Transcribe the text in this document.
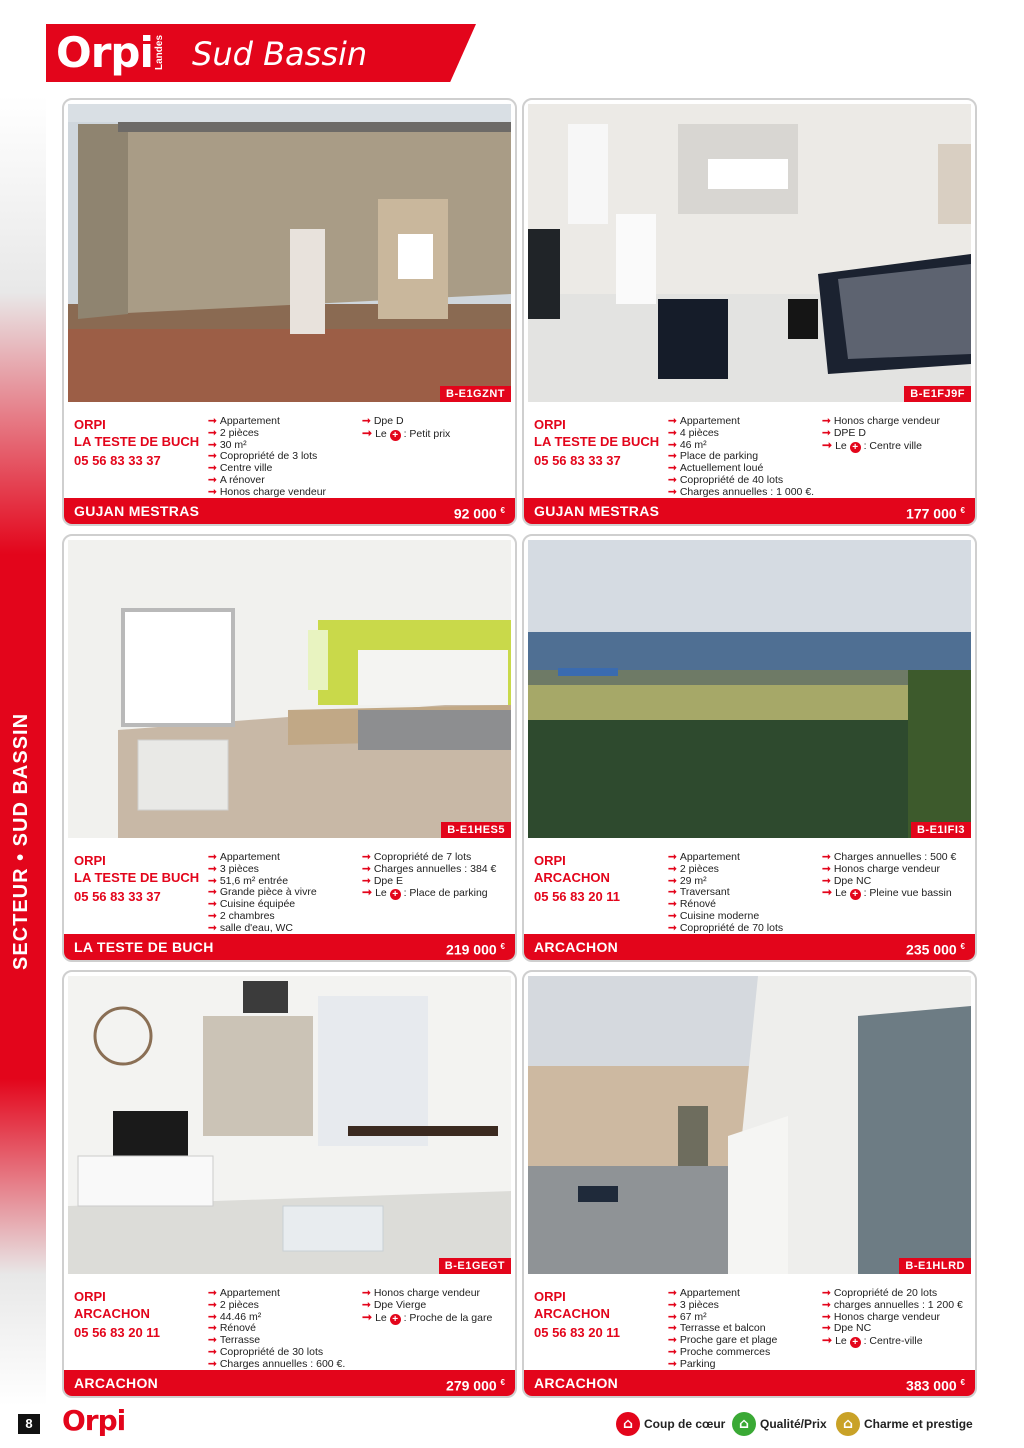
Orpi Landes Sud Bassin
SECTEUR • SUD BASSIN
B-E1GZNT
ORPI
LA TESTE DE BUCH
05 56 83 33 37
➞ Appartement
➞ 2 pièces
➞ 30 m²
➞ Copropriété de 3 lots
➞ Centre ville
➞ A rénover
➞ Honos charge vendeur
➞ Dpe D
➞ Le + : Petit prix
GUJAN MESTRAS	92 000 €
B-E1FJ9F
ORPI
LA TESTE DE BUCH
05 56 83 33 37
➞ Appartement
➞ 4 pièces
➞ 46 m²
➞ Place de parking
➞ Actuellement loué
➞ Copropriété de 40 lots
➞ Charges annuelles : 1 000 €.
➞ Honos charge vendeur
➞ DPE D
➞ Le + : Centre ville
GUJAN MESTRAS	177 000 €
B-E1HES5
ORPI
LA TESTE DE BUCH
05 56 83 33 37
➞ Appartement
➞ 3 pièces
➞ 51,6 m² entrée
➞ Grande pièce à vivre
➞ Cuisine équipée
➞ 2 chambres
➞ salle d'eau, WC
➞ Copropriété de 7 lots
➞ Charges annuelles : 384 €
➞ Dpe E
➞ Le + : Place de parking
LA TESTE DE BUCH	219 000 €
B-E1IFI3
ORPI
ARCACHON
05 56 83 20 11
➞ Appartement
➞ 2 pièces
➞ 29 m²
➞ Traversant
➞ Rénové
➞ Cuisine moderne
➞ Copropriété de 70 lots
➞ Charges annuelles : 500 €
➞ Honos charge vendeur
➞ Dpe NC
➞ Le + : Pleine vue bassin
ARCACHON	235 000 €
B-E1GEGT
ORPI
ARCACHON
05 56 83 20 11
➞ Appartement
➞ 2 pièces
➞ 44.46 m²
➞ Rénové
➞ Terrasse
➞ Copropriété de 30 lots
➞ Charges annuelles : 600 €.
➞ Honos charge vendeur
➞ Dpe Vierge
➞ Le + : Proche de la gare
ARCACHON	279 000 €
B-E1HLRD
ORPI
ARCACHON
05 56 83 20 11
➞ Appartement
➞ 3 pièces
➞ 67 m²
➞ Terrasse et balcon
➞ Proche gare et plage
➞ Proche commerces
➞ Parking
➞ Copropriété de 20 lots
➞ charges annuelles : 1 200 €
➞ Honos charge vendeur
➞ Dpe NC
➞ Le + : Centre-ville
ARCACHON	383 000 €
8 Orpi ⌂	Coup de cœur ⌂	Qualité/Prix ⌂	Charme et prestige
